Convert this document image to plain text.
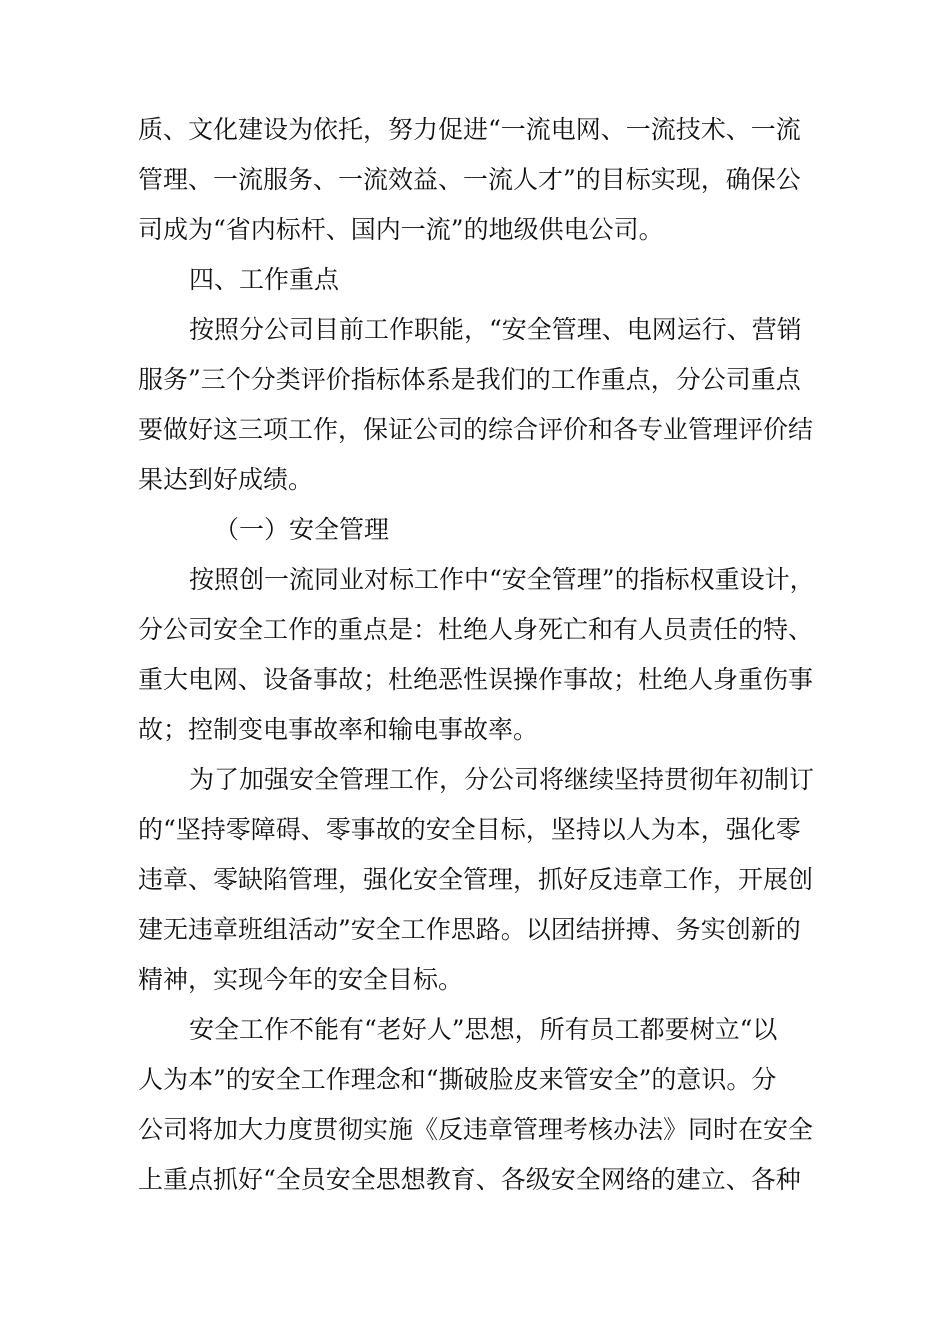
质、文化建设为依托，努力促进“一流电网、一流技术、一流
管理、一流服务、一流效益、一流人才”的目标实现，确保公
司成为“省内标杆、国内一流”的地级供电公司。
四、工作重点
按照分公司目前工作职能，“安全管理、电网运行、营销
服务”三个分类评价指标体系是我们的工作重点，分公司重点
要做好这三项工作，保证公司的综合评价和各专业管理评价结
果达到好成绩。
（一）安全管理
按照创一流同业对标工作中“安全管理”的指标权重设计，
分公司安全工作的重点是：杜绝人身死亡和有人员责任的特、
重大电网、设备事故；杜绝恶性误操作事故；杜绝人身重伤事
故；控制变电事故率和输电事故率。
为了加强安全管理工作，分公司将继续坚持贯彻年初制订
的“坚持零障碍、零事故的安全目标，坚持以人为本，强化零
违章、零缺陷管理，强化安全管理，抓好反违章工作，开展创
建无违章班组活动”安全工作思路。以团结拼搏、务实创新的
精神，实现今年的安全目标。
安全工作不能有“老好人”思想，所有员工都要树立“以
人为本”的安全工作理念和“撕破脸皮来管安全”的意识。分
公司将加大力度贯彻实施《反违章管理考核办法》同时在安全
上重点抓好“全员安全思想教育、各级安全网络的建立、各种
